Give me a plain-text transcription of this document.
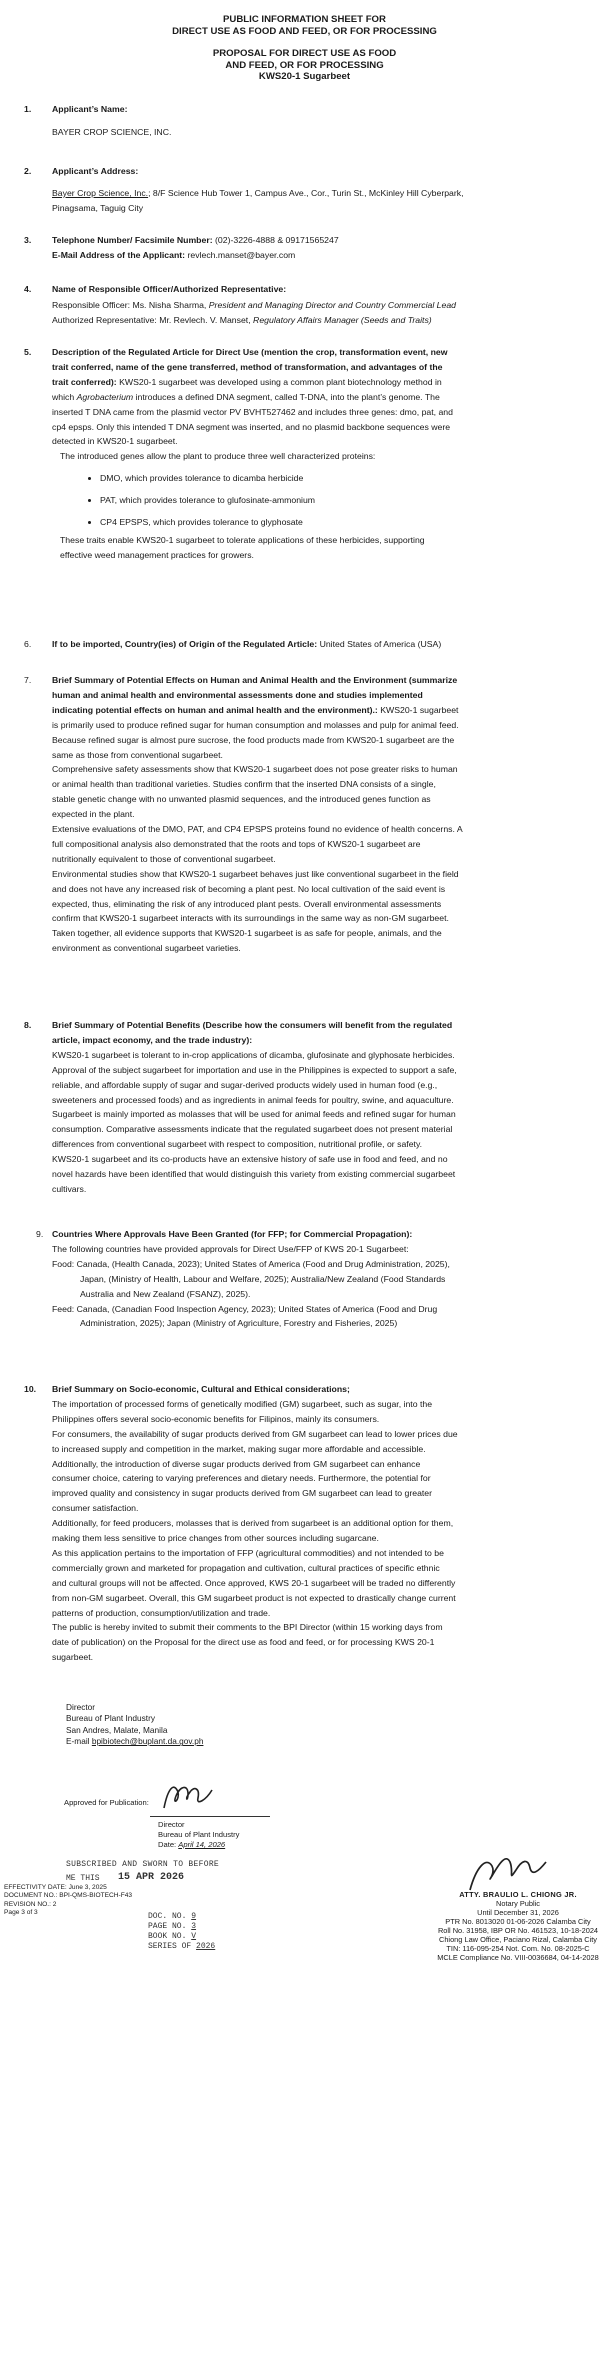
PUBLIC INFORMATION SHEET FOR
DIRECT USE AS FOOD AND FEED, OR FOR PROCESSING
PROPOSAL FOR DIRECT USE AS FOOD
AND FEED, OR FOR PROCESSING
KWS20-1 Sugarbeet
1.	Applicant’s Name:
BAYER CROP SCIENCE, INC.
2.	Applicant’s Address:

Bayer Crop Science, Inc.; 8/F Science Hub Tower 1, Campus Ave., Cor., Turin St., McKinley Hill Cyberpark,

Pinagsama, Taguig City

3.	Telephone Number/ Facsimile Number: (02)-3226-4888 & 09171565247
E-Mail Address of the Applicant: revlech.manset@bayer.com
4.	Name of Responsible Officer/Authorized Representative:

Responsible Officer: Ms. Nisha Sharma, President and Managing Director and Country Commercial Lead

Authorized Representative: Mr. Revlech. V. Manset, Regulatory Affairs Manager (Seeds and Traits)

5.	Description of the Regulated Article for Direct Use (mention the crop, transformation event, new

trait conferred, name of the gene transferred, method of transformation, and advantages of the

trait conferred): KWS20-1 sugarbeet was developed using a common plant biotechnology method in

which Agrobacterium introduces a defined DNA segment, called T-DNA, into the plant’s genome. The

inserted T DNA came from the plasmid vector PV BVHT527462 and includes three genes: dmo, pat, and

cp4 epsps. Only this intended T DNA segment was inserted, and no plasmid backbone sequences were

detected in KWS20-1 sugarbeet.

The introduced genes allow the plant to produce three well characterized proteins:

• DMO, which provides tolerance to dicamba herbicide
• PAT, which provides tolerance to glufosinate-ammonium
• CP4 EPSPS, which provides tolerance to glyphosate

These traits enable KWS20-1 sugarbeet to tolerate applications of these herbicides, supporting

effective weed management practices for growers.

6.	If to be imported, Country(ies) of Origin of the Regulated Article: United States of America (USA)
7.	Brief Summary of Potential Effects on Human and Animal Health and the Environment (summarize

human and animal health and environmental assessments done and studies implemented

indicating potential effects on human and animal health and the environment).: KWS20-1 sugarbeet

is primarily used to produce refined sugar for human consumption and molasses and pulp for animal feed.

Because refined sugar is almost pure sucrose, the food products made from KWS20-1 sugarbeet are the

same as those from conventional sugarbeet.

Comprehensive safety assessments show that KWS20-1 sugarbeet does not pose greater risks to human

or animal health than traditional varieties. Studies confirm that the inserted DNA consists of a single,

stable genetic change with no unwanted plasmid sequences, and the introduced genes function as

expected in the plant.

Extensive evaluations of the DMO, PAT, and CP4 EPSPS proteins found no evidence of health concerns. A

full compositional analysis also demonstrated that the roots and tops of KWS20-1 sugarbeet are

nutritionally equivalent to those of conventional sugarbeet.

Environmental studies show that KWS20-1 sugarbeet behaves just like conventional sugarbeet in the field

and does not have any increased risk of becoming a plant pest. No local cultivation of the said event is

expected, thus, eliminating the risk of any introduced plant pests. Overall environmental assessments

confirm that KWS20-1 sugarbeet interacts with its surroundings in the same way as non-GM sugarbeet.

Taken together, all evidence supports that KWS20-1 sugarbeet is as safe for people, animals, and the

environment as conventional sugarbeet varieties.

8.	Brief Summary of Potential Benefits (Describe how the consumers will benefit from the regulated

article, impact economy, and the trade industry):

KWS20-1 sugarbeet is tolerant to in-crop applications of dicamba, glufosinate and glyphosate herbicides.

Approval of the subject sugarbeet for importation and use in the Philippines is expected to support a safe,

reliable, and affordable supply of sugar and sugar-derived products widely used in human food (e.g.,

sweeteners and processed foods) and as ingredients in animal feeds for poultry, swine, and aquaculture.

Sugarbeet is mainly imported as molasses that will be used for animal feeds and refined sugar for human

consumption. Comparative assessments indicate that the regulated sugarbeet does not present material

differences from conventional sugarbeet with respect to composition, nutritional profile, or safety.

KWS20-1 sugarbeet and its co-products have an extensive history of safe use in food and feed, and no

novel hazards have been identified that would distinguish this variety from existing commercial sugarbeet

cultivars.

9.	Countries Where Approvals Have Been Granted (for FFP; for Commercial Propagation):

The following countries have provided approvals for Direct Use/FFP of KWS 20-1 Sugarbeet:

Food: Canada, (Health Canada, 2023); United States of America (Food and Drug Administration, 2025),

Japan, (Ministry of Health, Labour and Welfare, 2025); Australia/New Zealand (Food Standards

Australia and New Zealand (FSANZ), 2025).

Feed: Canada, (Canadian Food Inspection Agency, 2023); United States of America (Food and Drug

Administration, 2025); Japan (Ministry of Agriculture, Forestry and Fisheries, 2025)

10.	Brief Summary on Socio-economic, Cultural and Ethical considerations;

The importation of processed forms of genetically modified (GM) sugarbeet, such as sugar, into the

Philippines offers several socio-economic benefits for Filipinos, mainly its consumers.

For consumers, the availability of sugar products derived from GM sugarbeet can lead to lower prices due

to increased supply and competition in the market, making sugar more affordable and accessible.

Additionally, the introduction of diverse sugar products derived from GM sugarbeet can enhance

consumer choice, catering to varying preferences and dietary needs. Furthermore, the potential for

improved quality and consistency in sugar products derived from GM sugarbeet can lead to greater

consumer satisfaction.

Additionally, for feed producers, molasses that is derived from sugarbeet is an additional option for them,

making them less sensitive to price changes from other sources including sugarcane.

As this application pertains to the importation of FFP (agricultural commodities) and not intended to be

commercially grown and marketed for propagation and cultivation, cultural practices of specific ethnic

and cultural groups will not be affected. Once approved, KWS 20-1 sugarbeet will be traded no differently

from non-GM sugarbeet. Overall, this GM sugarbeet product is not expected to drastically change current

patterns of production, consumption/utilization and trade.

The public is hereby invited to submit their comments to the BPI Director (within 15 working days from

date of publication) on the Proposal for the direct use as food and feed, or for processing KWS 20-1

sugarbeet.

Director

Bureau of Plant Industry

San Andres, Malate, Manila

E-mail bpibiotech@buplant.da.gov.ph

Approved for Publication:
Director
Bureau of Plant Industry
Date: April 14, 2026
SUBSCRIBED AND SWORN TO BEFORE
ME THIS 15 APR 2026
EFFECTIVITY DATE: June 3, 2025
DOCUMENT NO.: BPI-QMS-BIOTECH-F43
REVISION NO.: 2
Page 3 of 3	DOC. NO. 9
PAGE NO. 3
BOOK NO. V
SERIES OF 2026
ATTY. BRAULIO L. CHIONG JR.
Notary Public
Until December 31, 2026
PTR No. 8013020 01-06-2026 Calamba City
Roll No. 31958, IBP OR No. 461523, 10-18-2024
Chiong Law Office, Paciano Rizal, Calamba City
TIN: 116-095-254 Not. Com. No. 08-2025-C
MCLE Compliance No. VIII-0036684, 04-14-2028
